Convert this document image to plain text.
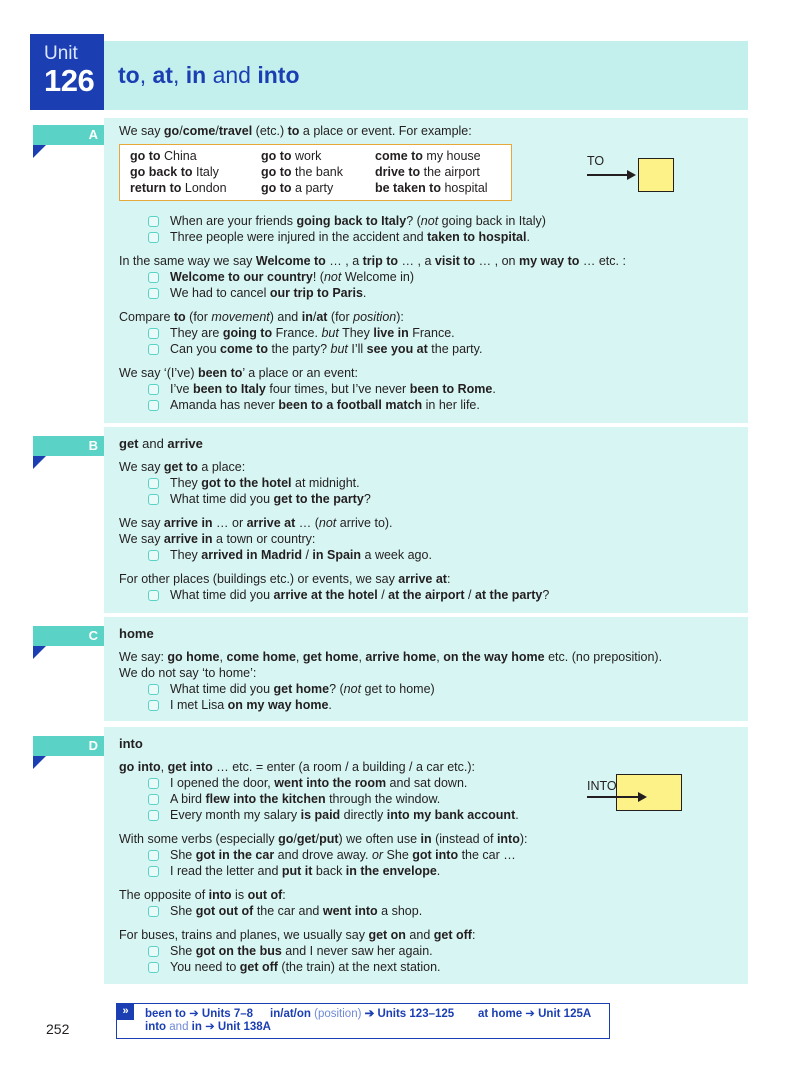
Unit
126	to, at, in and into
A	We say go/come/travel (etc.) to a place or event. For example:
go to China	go to work	come to my house
go back to Italy	go to the bank	drive to the airport
return to London	go to a party	be taken to hospital
TO
When are your friends going back to Italy? (not going back in Italy)
Three people were injured in the accident and taken to hospital.
In the same way we say Welcome to … , a trip to … , a visit to … , on my way to … etc. :
Welcome to our country! (not Welcome in)
We had to cancel our trip to Paris.
Compare to (for movement) and in/at (for position):
They are going to France. but They live in France.
Can you come to the party? but I’ll see you at the party.
We say ‘(I’ve) been to’ a place or an event:
I’ve been to Italy four times, but I’ve never been to Rome.
Amanda has never been to a football match in her life.
B	get and arrive
We say get to a place:
They got to the hotel at midnight.
What time did you get to the party?
We say arrive in … or arrive at … (not arrive to).
We say arrive in a town or country:
They arrived in Madrid / in Spain a week ago.
For other places (buildings etc.) or events, we say arrive at:
What time did you arrive at the hotel / at the airport / at the party?
C	home
We say: go home, come home, get home, arrive home, on the way home etc. (no preposition).
We do not say ‘to home’:
What time did you get home? (not get to home)
I met Lisa on my way home.
D	into
go into, get into … etc. = enter (a room / a building / a car etc.):
I opened the door, went into the room and sat down.
A bird flew into the kitchen through the window.
Every month my salary is paid directly into my bank account.
INTO
With some verbs (especially go/get/put) we often use in (instead of into):
She got in the car and drove away. or She got into the car …
I read the letter and put it back in the envelope.
The opposite of into is out of:
She got out of the car and went into a shop.
For buses, trains and planes, we usually say get on and get off:
She got on the bus and I never saw her again.
You need to get off (the train) at the next station.
»	been to ➔ Units 7–8 in/at/on (position) ➔ Units 123–125 at home ➔ Unit 125A
into and in ➔ Unit 138A
252
